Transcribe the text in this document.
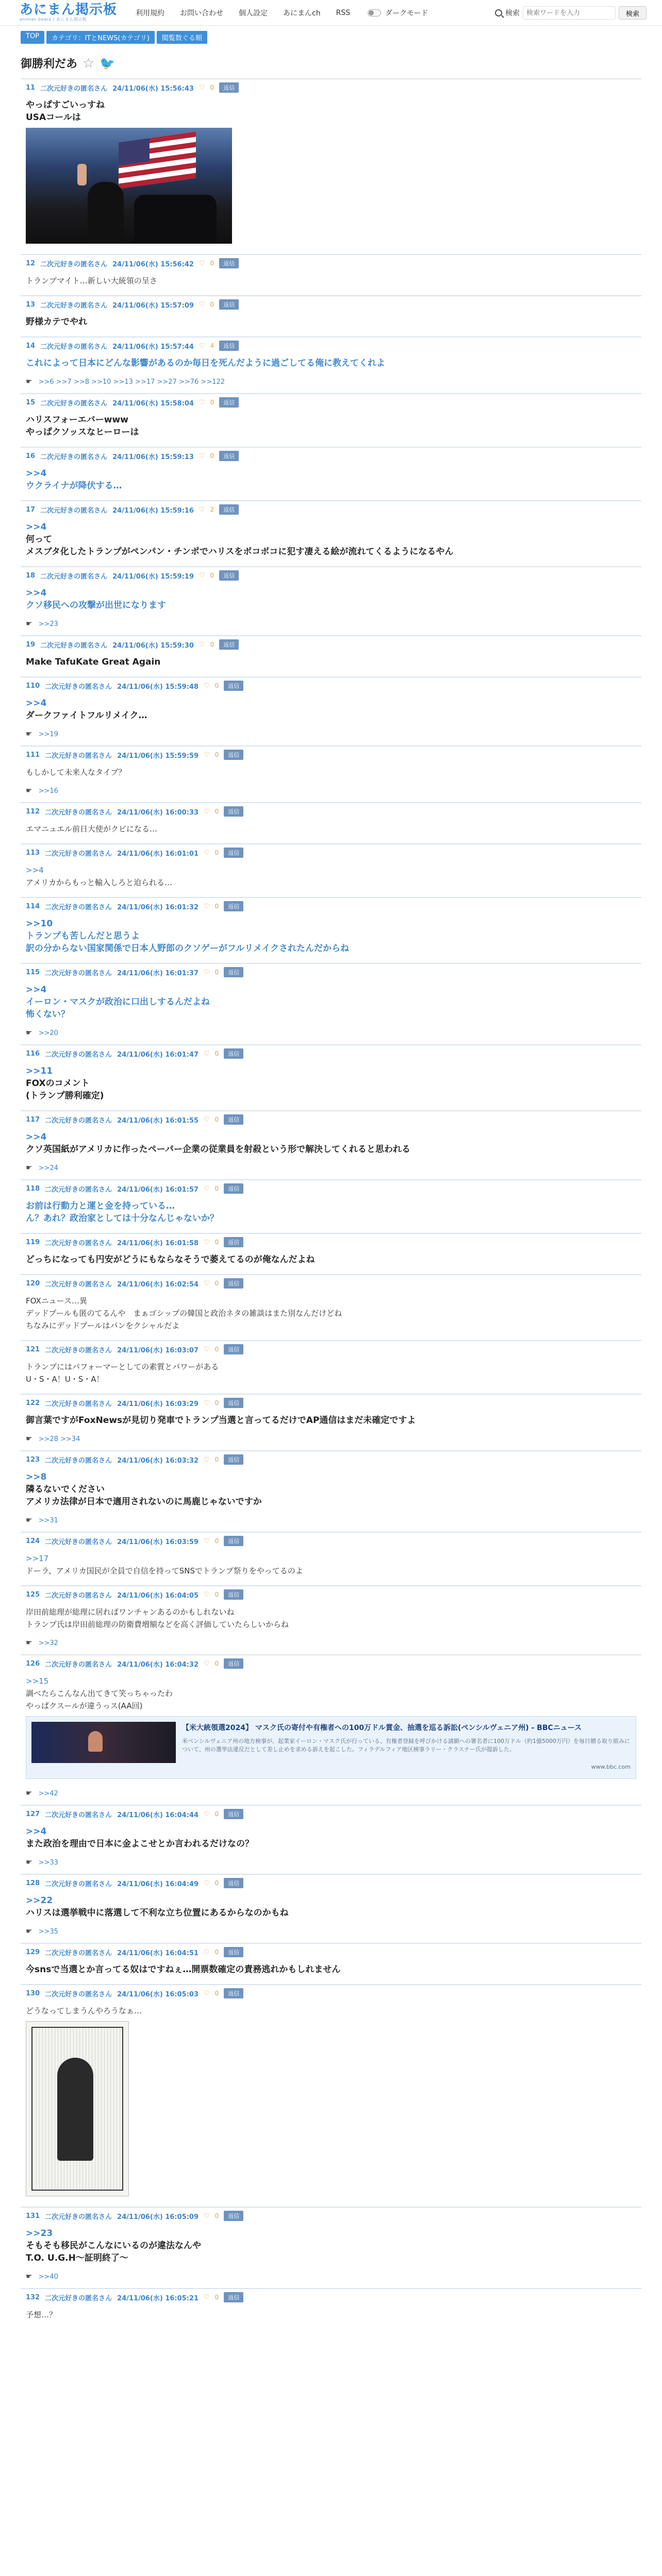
あにまん掲示板
animan board / あにまん掲示板
利用規約 お問い合わせ 個人設定 あにまんch RSS	ダークモード	検索
検索ワードを入力	検索
TOP	カテゴリ：ITとNEWS(カテゴリ)	閲覧数ぐる順
御勝利だあ ☆ 🐦
11 二次元好きの匿名さん 24/11/06(水) 15:56:43 ♡ 0	返信
やっぱすごいっすね
USAコールは
12 二次元好きの匿名さん 24/11/06(水) 15:56:42 ♡ 0	返信
トランプマイト…新しい大統領の呈さ
13 二次元好きの匿名さん 24/11/06(水) 15:57:09 ♡ 0	返信
野様カテでやれ
14 二次元好きの匿名さん 24/11/06(水) 15:57:44 ♡ 4	返信
これによって日本にどんな影響があるのか毎日を死んだように過ごしてる俺に教えてくれよ
☛ >>6 >>7 >>8 >>10 >>13 >>17 >>27 >>76 >>122
15 二次元好きの匿名さん 24/11/06(水) 15:58:04 ♡ 0	返信
ハリスフォーエバーwww
やっぱクソッスなヒーローは
16 二次元好きの匿名さん 24/11/06(水) 15:59:13 ♡ 0	返信
>>4
ウクライナが降伏する…
17 二次元好きの匿名さん 24/11/06(水) 15:59:16 ♡ 2	返信
>>4
何って
メスブタ化したトランプがペンパン・チンポでハリスをボコボコに犯す凄える絵が流れてくるようになるやん
18 二次元好きの匿名さん 24/11/06(水) 15:59:19 ♡ 0	返信
>>4
クソ移民への攻撃が出世になります
☛ >>23
19 二次元好きの匿名さん 24/11/06(水) 15:59:30 ♡ 0	返信
Make TafuKate Great Again
110 二次元好きの匿名さん 24/11/06(水) 15:59:48 ♡ 0	返信
>>4
ダークファイトフルリメイク…
☛ >>19
111 二次元好きの匿名さん 24/11/06(水) 15:59:59 ♡ 0	返信
もしかして未来人なタイプ？
☛ >>16
112 二次元好きの匿名さん 24/11/06(水) 16:00:33 ♡ 0	返信
エマニュエル前日大使がクビになる…
113 二次元好きの匿名さん 24/11/06(水) 16:01:01 ♡ 0	返信
>>4
アメリカからもっと輸入しろと迫られる…
114 二次元好きの匿名さん 24/11/06(水) 16:01:32 ♡ 0	返信
>>10
トランプも苦しんだと思うよ
訳の分からない国家関係で日本人野郎のクソゲーがフルリメイクされたんだからね
115 二次元好きの匿名さん 24/11/06(水) 16:01:37 ♡ 0	返信
>>4
イーロン・マスクが政治に口出しするんだよね
怖くない？
☛ >>20
116 二次元好きの匿名さん 24/11/06(水) 16:01:47 ♡ 0	返信
>>11
FOXのコメント
(トランプ勝利確定)
117 二次元好きの匿名さん 24/11/06(水) 16:01:55 ♡ 0	返信
>>4
クソ英国紙がアメリカに作ったペーパー企業の従業員を射殺という形で解決してくれると思われる
☛ >>24
118 二次元好きの匿名さん 24/11/06(水) 16:01:57 ♡ 0	返信
お前は行動力と運と金を持っている…
ん？あれ？政治家としては十分なんじゃないか？
119 二次元好きの匿名さん 24/11/06(水) 16:01:58 ♡ 0	返信
どっちになっても円安がどうにもならなそうで萎えてるのが俺なんだよね
120 二次元好きの匿名さん 24/11/06(水) 16:02:54 ♡ 0	返信
FOXニュース…異
デッドプールも匿のてるんや　まぁゴシップの韓国と政治ネタの雑談はまた別なんだけどね
ちなみにデッドプールはパンをクシャルだよ
121 二次元好きの匿名さん 24/11/06(水) 16:03:07 ♡ 0	返信
トランプにはパフォーマーとしての素質とパワーがある
U・S・A！U・S・A！
122 二次元好きの匿名さん 24/11/06(水) 16:03:29 ♡ 0	返信
御言葉ですがFoxNewsが見切り発車でトランプ当選と言ってるだけでAP通信はまだ未確定ですよ
☛ >>28 >>34
123 二次元好きの匿名さん 24/11/06(水) 16:03:32 ♡ 0	返信
>>8
隣るないでください
アメリカ法律が日本で適用されないのに馬鹿じゃないですか
☛ >>31
124 二次元好きの匿名さん 24/11/06(水) 16:03:59 ♡ 0	返信
>>17
ドーラ、アメリカ国民が全員で自信を持ってSNSでトランプ祭りをやってるのよ
125 二次元好きの匿名さん 24/11/06(水) 16:04:05 ♡ 0	返信
岸田前総理が総理に居ればワンチャンあるのかもしれないね
トランプ氏は岸田前総理の防衛費増額などを高く評価していたらしいからね
☛ >>32
126 二次元好きの匿名さん 24/11/06(水) 16:04:32 ♡ 0	返信
>>15
調べたらこんなん出てきて笑っちゃったわ
やっぱクスールが違うっス(AA回)
【米大統領選2024】 マスク氏の寄付や有権者への100万ドル賞金、抽選を巡る訴訟(ペンシルヴェニア州) - BBCニュース
米ペンシルヴェニア州の地方検事が、起業家イーロン・マスク氏が行っている、有権者登録を呼びかける請願への署名者に100万ドル（約1億5000万円）を毎日贈る取り組みについて、州の選挙法違反だとして差し止めを求める訴えを起こした。フィラデルフィア地区検事ラリー・クラスナー氏が提訴した。
www.bbc.com
☛ >>42
127 二次元好きの匿名さん 24/11/06(水) 16:04:44 ♡ 0	返信
>>4
また政治を理由で日本に金よこせとか言われるだけなの？
☛ >>33
128 二次元好きの匿名さん 24/11/06(水) 16:04:49 ♡ 0	返信
>>22
ハリスは選挙戦中に落選して不利な立ち位置にあるからなのかもね
☛ >>35
129 二次元好きの匿名さん 24/11/06(水) 16:04:51 ♡ 0	返信
今snsで当選とか言ってる奴はですねぇ…開票数確定の責務逃れかもしれません
130 二次元好きの匿名さん 24/11/06(水) 16:05:03 ♡ 0	返信
どうなってしまうんやろうなぁ…
131 二次元好きの匿名さん 24/11/06(水) 16:05:09 ♡ 0	返信
>>23
そもそも移民がこんなにいるのが違法なんや
T.O. U.G.H〜証明終了〜
☛ >>40
132 二次元好きの匿名さん 24/11/06(水) 16:05:21 ♡ 0	返信
予想…？
